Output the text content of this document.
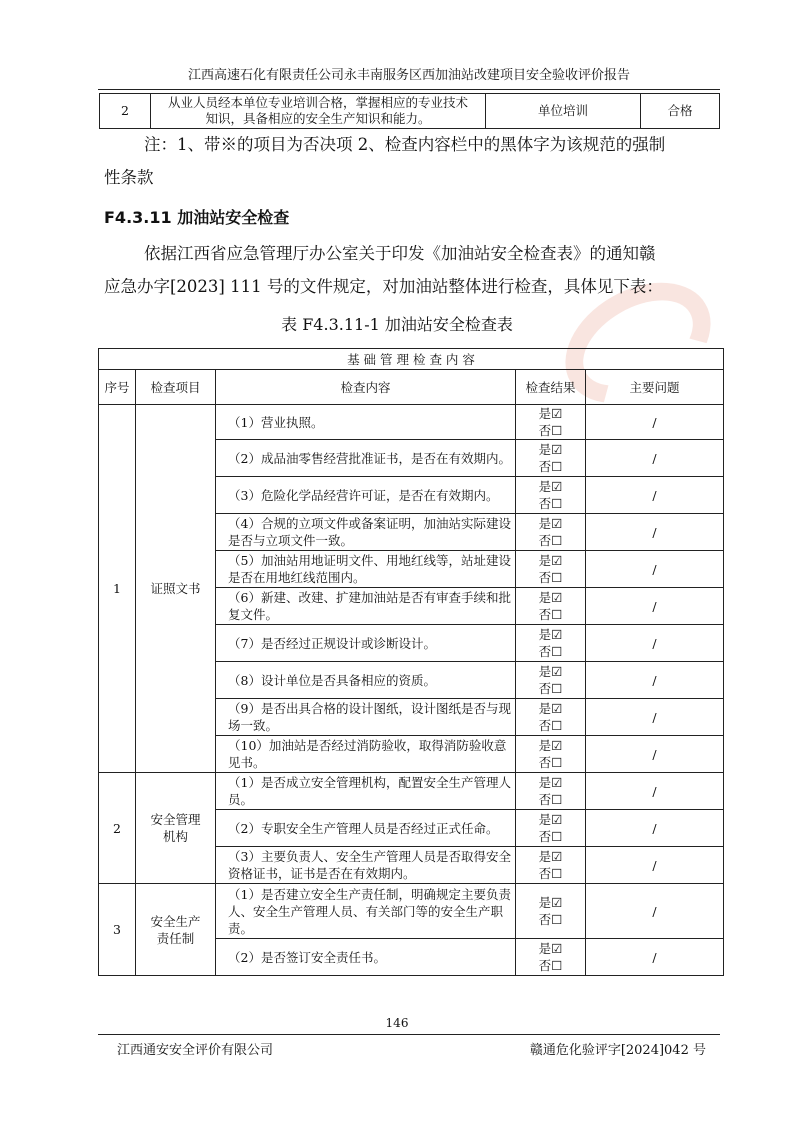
江西高速石化有限责任公司永丰南服务区西加油站改建项目安全验收评价报告
2	
从业人员经本单位专业培训合格，掌握相应的专业技术
知识，具备相应的安全生产知识和能力。
	单位培训	合格
注：1、带※的项目为否决项 2、检查内容栏中的黑体字为该规范的强制
性条款
F4.3.11 加油站安全检查
依据江西省应急管理厅办公室关于印发《加油站安全检查表》的通知赣
应急办字[2023] 111 号的文件规定，对加油站整体进行检查，具体见下表：
表 F4.3.11-1 加油站安全检查表
基 础 管 理 检 查 内 容				
序号	检查项目	检查内容	检查结果	主要问题
1	证照文书	（1）营业执照。	是☑
否☐	/
		（2）成品油零售经营批准证书，是否在有效期内。	是☑
否☐	/
		（3）危险化学品经营许可证，是否在有效期内。	是☑
否☐	/
		（4）合规的立项文件或备案证明，加油站实际建设是否与立项文件一致。	是☑
否☐	/
		（5）加油站用地证明文件、用地红线等，站址建设是否在用地红线范围内。	是☑
否☐	/
		（6）新建、改建、扩建加油站是否有审查手续和批复文件。	是☑
否☐	/
		（7）是否经过正规设计或诊断设计。	是☑
否☐	/
		（8）设计单位是否具备相应的资质。	是☑
否☐	/
		（9）是否出具合格的设计图纸，设计图纸是否与现场一致。	是☑
否☐	/
		（10）加油站是否经过消防验收，取得消防验收意见书。	是☑
否☐	/
2	安全管理机构	（1）是否成立安全管理机构，配置安全生产管理人员。	是☑
否☐	/
		（2）专职安全生产管理人员是否经过正式任命。	是☑
否☐	/
		（3）主要负责人、安全生产管理人员是否取得安全资格证书，证书是否在有效期内。	是☑
否☐	/
3	安全生产责任制	（1）是否建立安全生产责任制，明确规定主要负责人、安全生产管理人员、有关部门等的安全生产职责。	是☑
否☐	/
		（2）是否签订安全责任书。	是☑
否☐	/
146
江西通安安全评价有限公司	赣通危化验评字[2024]042 号
